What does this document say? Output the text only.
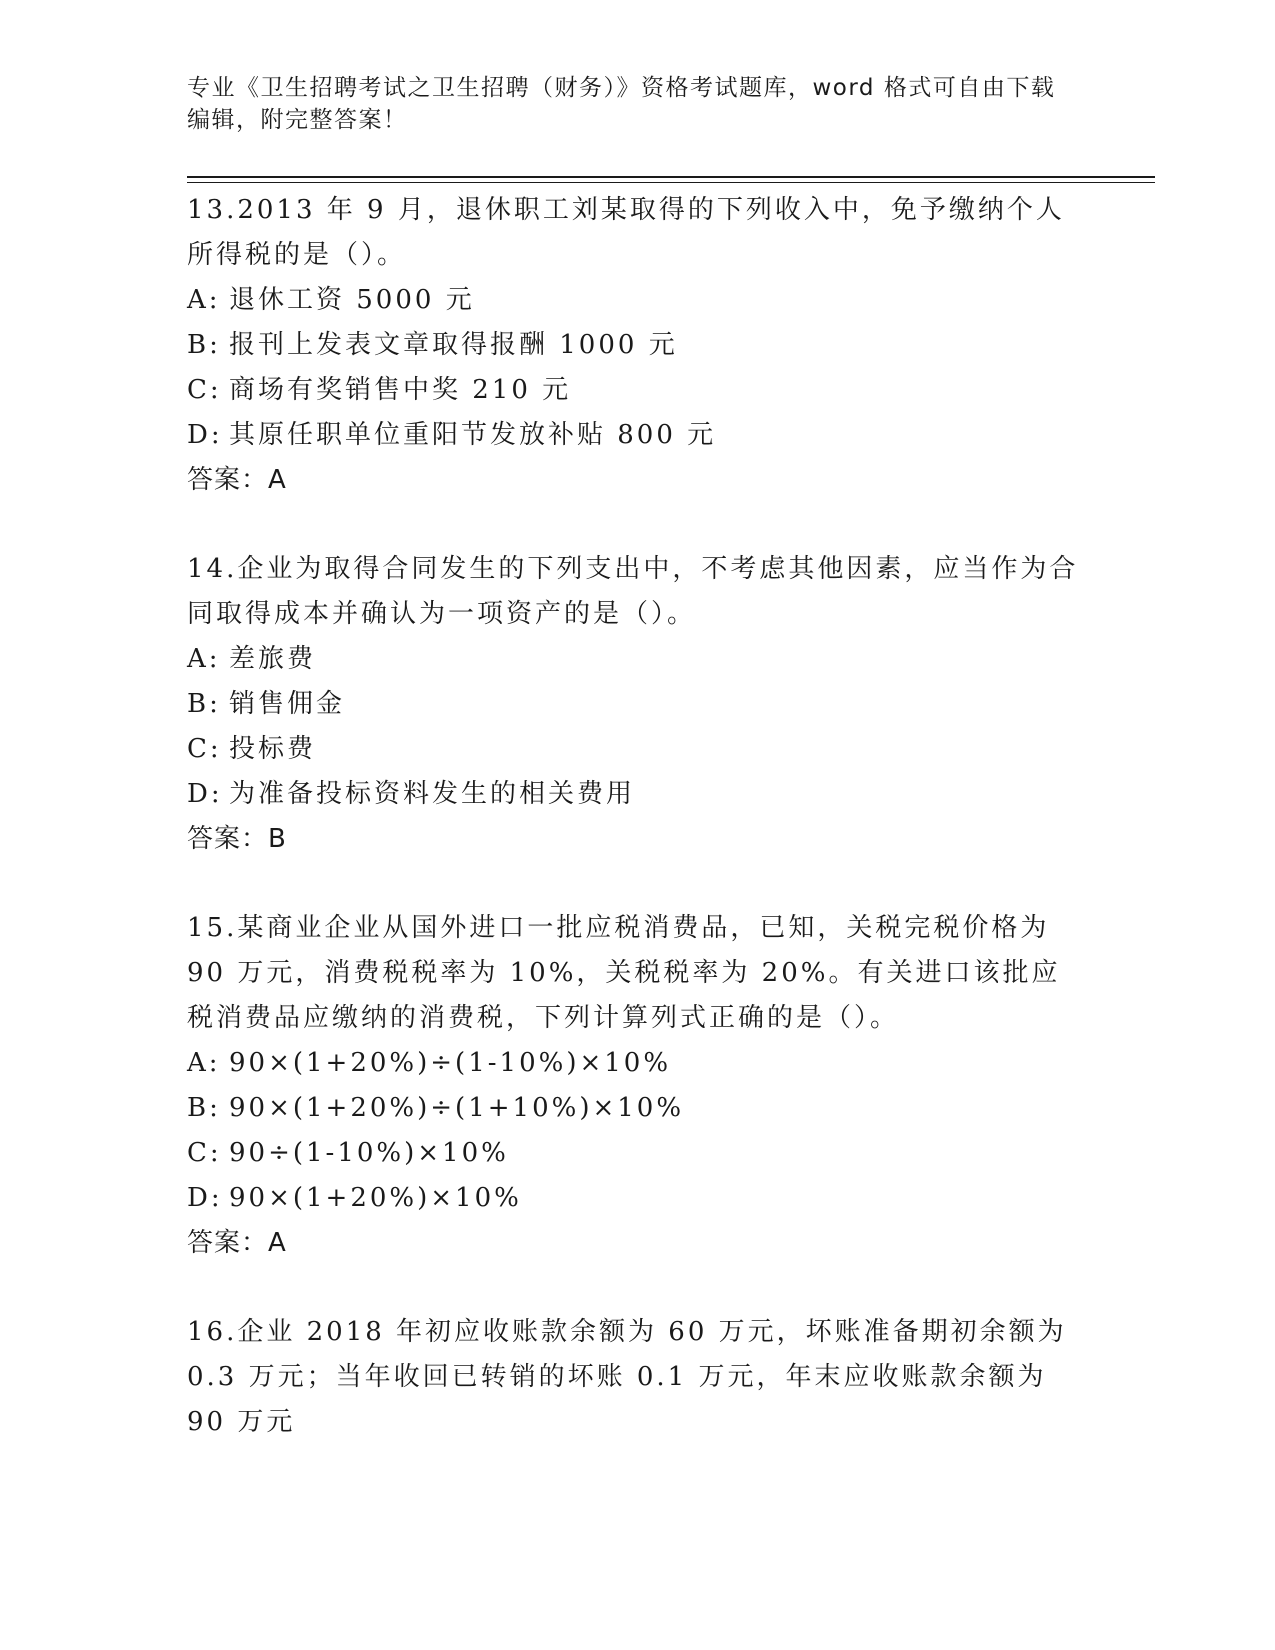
专业《卫生招聘考试之卫生招聘（财务）》资格考试题库，word 格式可自由下载
编辑，附完整答案！
13.2013 年 9 月，退休职工刘某取得的下列收入中，免予缴纳个人所得税的是（）。
A: 退休工资 5000 元
B: 报刊上发表文章取得报酬 1000 元
C: 商场有奖销售中奖 210 元
D: 其原任职单位重阳节发放补贴 800 元
答案：A
14.企业为取得合同发生的下列支出中，不考虑其他因素，应当作为合同取得成本并确认为一项资产的是（）。
A: 差旅费
B: 销售佣金
C: 投标费
D: 为准备投标资料发生的相关费用
答案：B
15.某商业企业从国外进口一批应税消费品，已知，关税完税价格为 90 万元，消费税税率为 10%，关税税率为 20%。有关进口该批应税消费品应缴纳的消费税，下列计算列式正确的是（）。
A: 90×(1+20%)÷(1-10%)×10%
B: 90×(1+20%)÷(1+10%)×10%
C: 90÷(1-10%)×10%
D: 90×(1+20%)×10%
答案：A
16.企业 2018 年初应收账款余额为 60 万元，坏账准备期初余额为 0.3 万元；当年收回已转销的坏账 0.1 万元，年末应收账款余额为 90 万元
